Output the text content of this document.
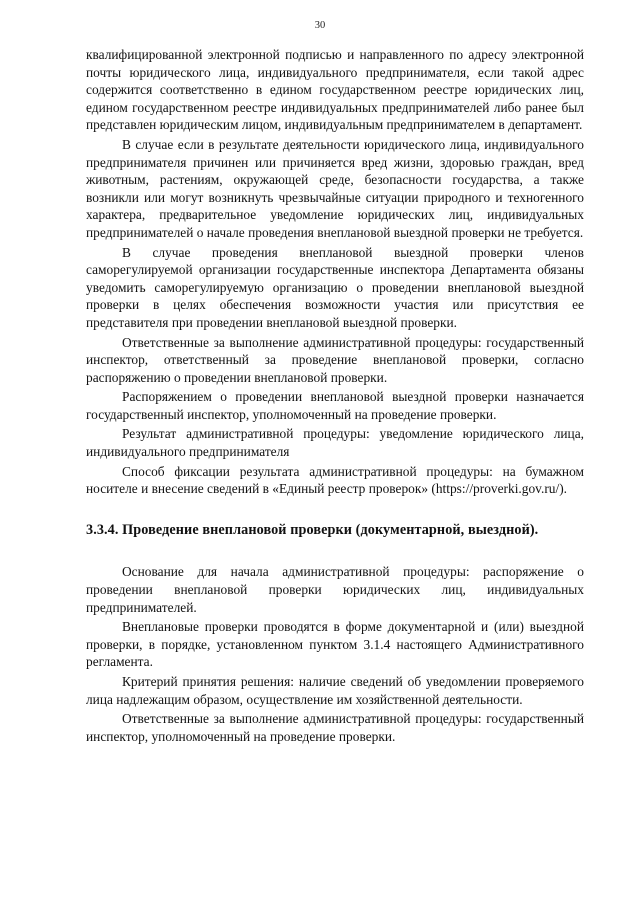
30

квалифицированной электронной подписью и направленного по адресу электронной почты юридического лица, индивидуального предпринимателя, если такой адрес содержится соответственно в едином государственном реестре юридических лиц, едином государственном реестре индивидуальных предпринимателей либо ранее был представлен юридическим лицом, индивидуальным предпринимателем в департамент.

В случае если в результате деятельности юридического лица, индивидуального предпринимателя причинен или причиняется вред жизни, здоровью граждан, вред животным, растениям, окружающей среде, безопасности государства, а также возникли или могут возникнуть чрезвычайные ситуации природного и техногенного характера, предварительное уведомление юридических лиц, индивидуальных предпринимателей о начале проведения внеплановой выездной проверки не требуется.

В случае проведения внеплановой выездной проверки членов саморегулируемой организации государственные инспектора Департамента обязаны уведомить саморегулируемую организацию о проведении внеплановой выездной проверки в целях обеспечения возможности участия или присутствия ее представителя при проведении внеплановой выездной проверки.

Ответственные за выполнение административной процедуры: государственный инспектор, ответственный за проведение внеплановой проверки, согласно распоряжению о проведении внеплановой проверки.

Распоряжением о проведении внеплановой выездной проверки назначается государственный инспектор, уполномоченный на проведение проверки.

Результат административной процедуры: уведомление юридического лица, индивидуального предпринимателя

Способ фиксации результата административной процедуры: на бумажном носителе и внесение сведений в «Единый реестр проверок» (https://proverki.gov.ru/).

3.3.4. Проведение внеплановой проверки (документарной, выездной).

Основание для начала административной процедуры: распоряжение о проведении внеплановой проверки юридических лиц, индивидуальных предпринимателей.

Внеплановые проверки проводятся в форме документарной и (или) выездной проверки, в порядке, установленном пунктом 3.1.4 настоящего Административного регламента.

Критерий принятия решения: наличие сведений об уведомлении проверяемого лица надлежащим образом, осуществление им хозяйственной деятельности.

Ответственные за выполнение административной процедуры: государственный инспектор, уполномоченный на проведение проверки.
